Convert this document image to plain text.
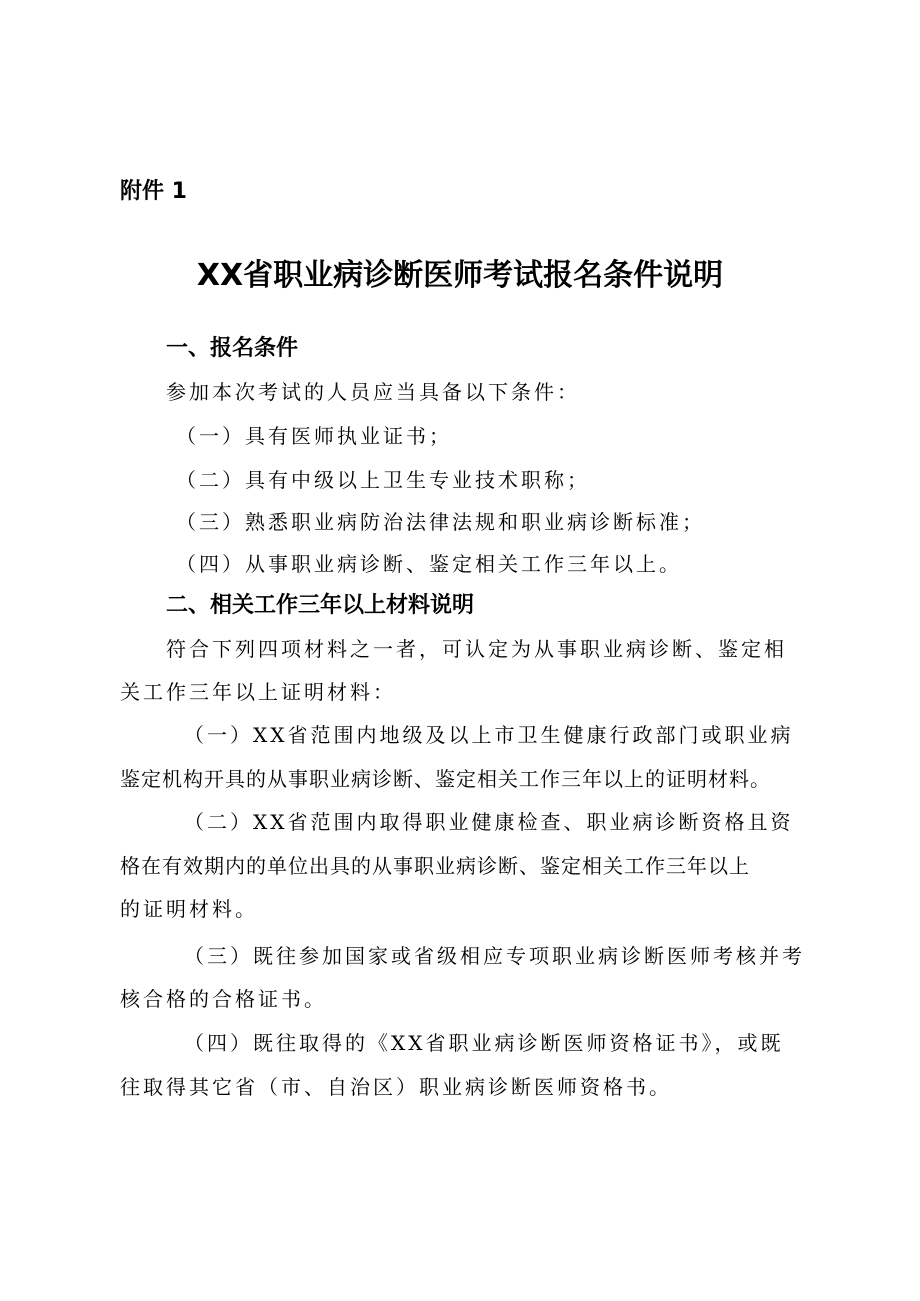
附件 1
XX省职业病诊断医师考试报名条件说明
一、报名条件
参加本次考试的人员应当具备以下条件：
（一）具有医师执业证书；
（二）具有中级以上卫生专业技术职称；
（三）熟悉职业病防治法律法规和职业病诊断标准；
（四）从事职业病诊断、鉴定相关工作三年以上。
二、相关工作三年以上材料说明
符合下列四项材料之一者，可认定为从事职业病诊断、鉴定相
关工作三年以上证明材料：
（一）XX省范围内地级及以上市卫生健康行政部门或职业病
鉴定机构开具的从事职业病诊断、鉴定相关工作三年以上的证明材料。
（二）XX省范围内取得职业健康检查、职业病诊断资格且资
格在有效期内的单位出具的从事职业病诊断、鉴定相关工作三年以上
的证明材料。
（三）既往参加国家或省级相应专项职业病诊断医师考核并考
核合格的合格证书。
（四）既往取得的《XX省职业病诊断医师资格证书》，或既
往取得其它省（市、自治区）职业病诊断医师资格书。
